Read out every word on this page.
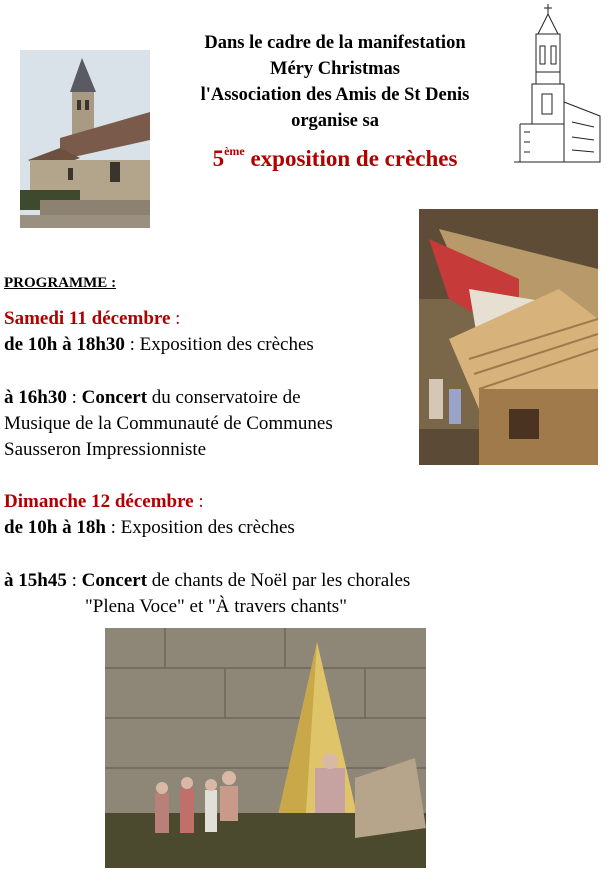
Dans le cadre de la manifestation
Méry Christmas
l'Association des Amis de St Denis
organise sa
5ème exposition de crèches
PROGRAMME :
Samedi 11 décembre :
de 10h à 18h30 : Exposition des crèches
à 16h30 : Concert du conservatoire de
Musique de la Communauté de Communes
Sausseron Impressionniste
Dimanche 12 décembre :
de 10h à 18h : Exposition des crèches
à 15h45 : Concert de chants de Noël par les chorales
"Plena Voce" et "À travers chants"
